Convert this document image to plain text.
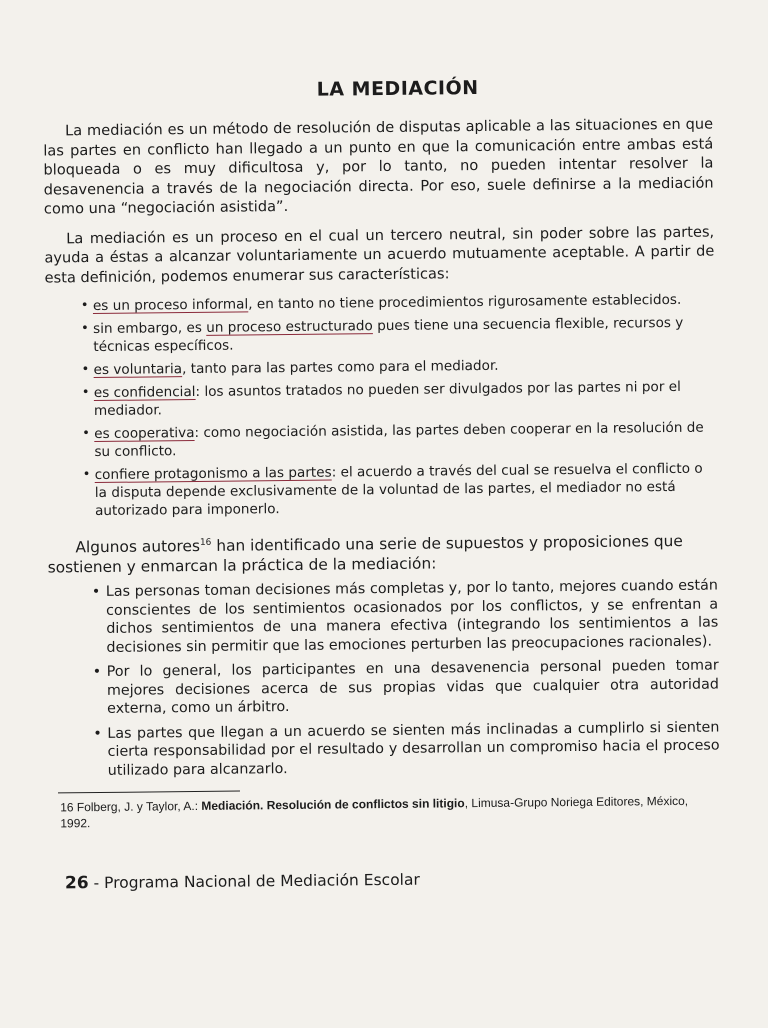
LA MEDIACIÓN

La mediación es un método de resolución de disputas aplicable a las situaciones en que las partes en conflicto han llegado a un punto en que la comunicación entre ambas está bloqueada o es muy dificultosa y, por lo tanto, no pueden intentar resolver la desavenencia a través de la negociación directa. Por eso, suele definirse a la mediación como una “negociación asistida”.

La mediación es un proceso en el cual un tercero neutral, sin poder sobre las partes, ayuda a éstas a alcanzar voluntariamente un acuerdo mutuamente aceptable. A partir de esta definición, podemos enumerar sus características:

• es un proceso informal, en tanto no tiene procedimientos rigurosamente establecidos.
• sin embargo, es un proceso estructurado pues tiene una secuencia flexible, recursos y técnicas específicos.
• es voluntaria, tanto para las partes como para el mediador.
• es confidencial: los asuntos tratados no pueden ser divulgados por las partes ni por el mediador.
• es cooperativa: como negociación asistida, las partes deben cooperar en la resolución de su conflicto.
• confiere protagonismo a las partes: el acuerdo a través del cual se resuelva el conflicto o la disputa depende exclusivamente de la voluntad de las partes, el mediador no está autorizado para imponerlo.

Algunos autores$^{16}$ han identificado una serie de supuestos y proposiciones que sostienen y enmarcan la práctica de la mediación:

• Las personas toman decisiones más completas y, por lo tanto, mejores cuando están conscientes de los sentimientos ocasionados por los conflictos, y se enfrentan a dichos sentimientos de una manera efectiva (integrando los sentimientos a las decisiones sin permitir que las emociones perturben las preocupaciones racionales).
• Por lo general, los participantes en una desavenencia personal pueden tomar mejores decisiones acerca de sus propias vidas que cualquier otra autoridad externa, como un árbitro.
• Las partes que llegan a un acuerdo se sienten más inclinadas a cumplirlo si sienten cierta responsabilidad por el resultado y desarrollan un compromiso hacia el proceso utilizado para alcanzarlo.

16 Folberg, J. y Taylor, A.: Mediación. Resolución de conflictos sin litigio, Limusa-Grupo Noriega Editores, México, 1992.

26 - Programa Nacional de Mediación Escolar
